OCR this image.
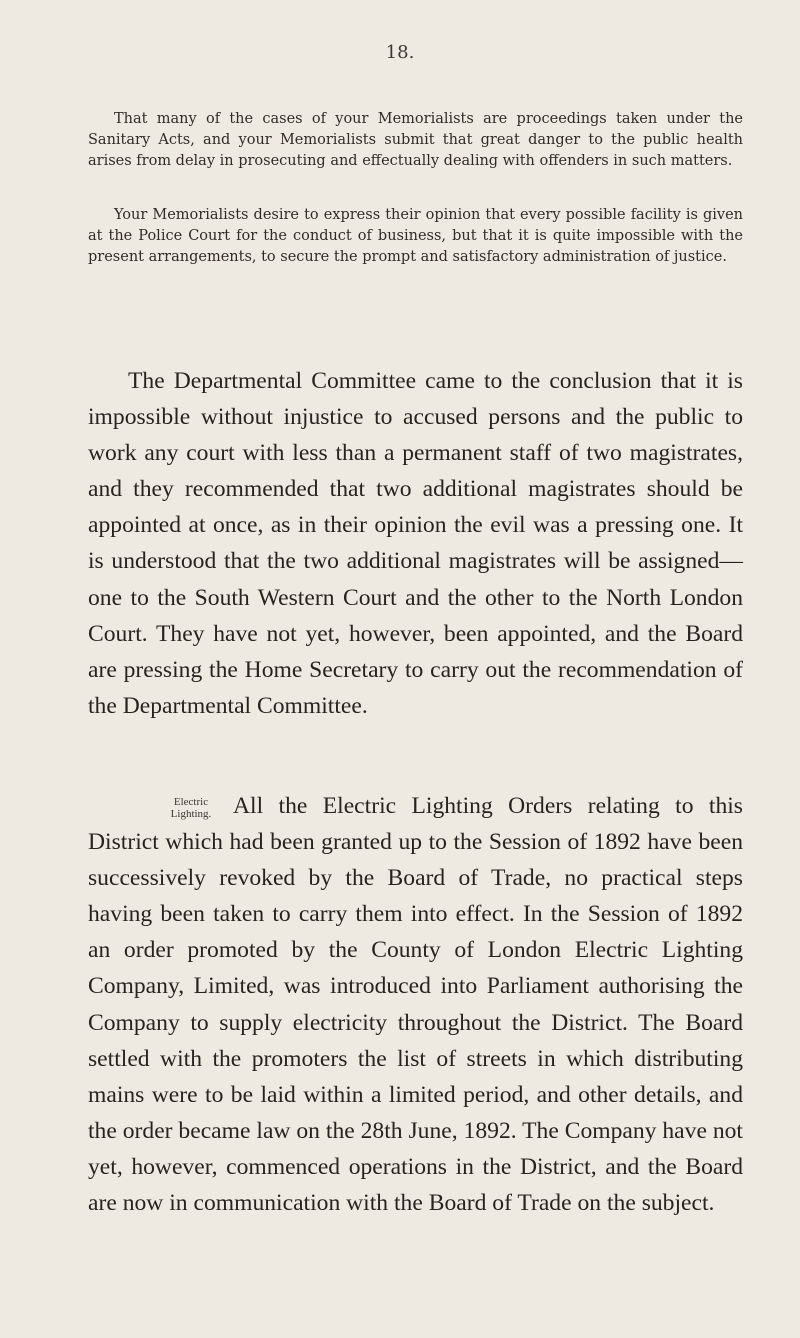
18.

That many of the cases of your Memorialists are proceedings taken under the Sanitary Acts, and your Memorialists submit that great danger to the public health arises from delay in prosecuting and effectually dealing with offenders in such matters.

Your Memorialists desire to express their opinion that every possible facility is given at the Police Court for the conduct of business, but that it is quite impossible with the present arrangements, to secure the prompt and satisfactory administration of justice.

The Departmental Committee came to the conclusion that it is impossible without injustice to accused persons and the public to work any court with less than a permanent staff of two magistrates, and they recommended that two additional magistrates should be appointed at once, as in their opinion the evil was a pressing one. It is understood that the two additional magistrates will be assigned—one to the South Western Court and the other to the North London Court. They have not yet, however, been appointed, and the Board are pressing the Home Secretary to carry out the recommendation of the Departmental Committee.

Electric
Lighting. All the Electric Lighting Orders relating to this District which had been granted up to the Session of 1892 have been successively revoked by the Board of Trade, no practical steps having been taken to carry them into effect. In the Session of 1892 an order promoted by the County of London Electric Lighting Company, Limited, was introduced into Parliament authorising the Company to supply electricity throughout the District. The Board settled with the promoters the list of streets in which distributing mains were to be laid within a limited period, and other details, and the order became law on the 28th June, 1892. The Company have not yet, however, commenced operations in the District, and the Board are now in communication with the Board of Trade on the subject.
